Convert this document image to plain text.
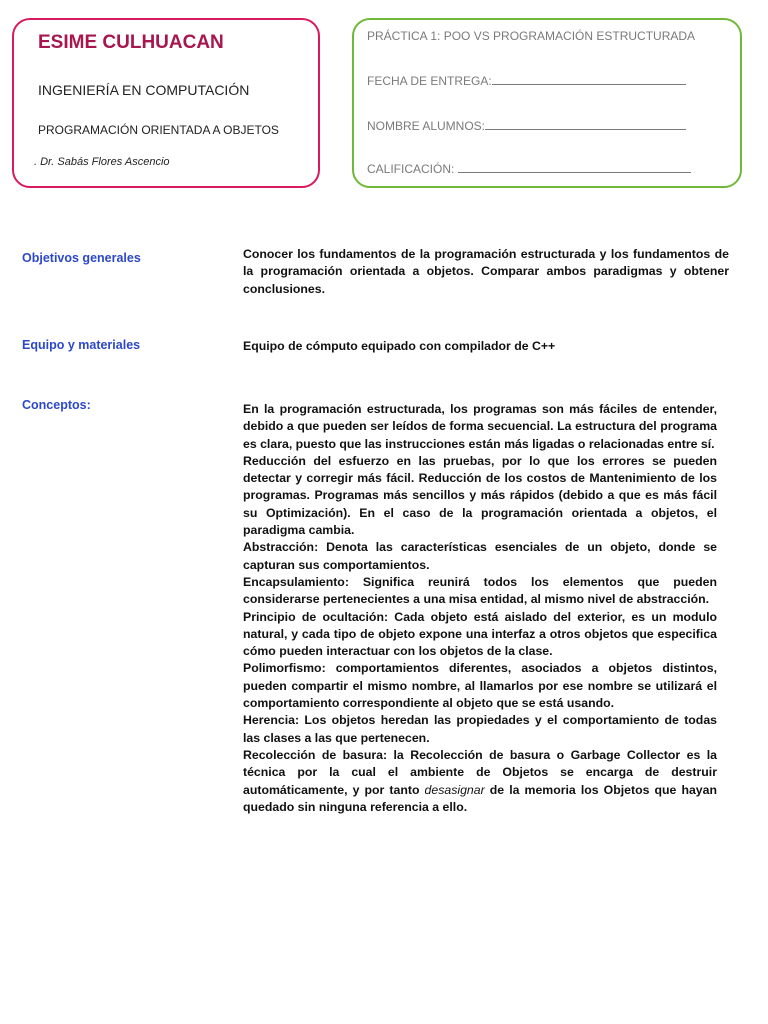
ESIME CULHUACAN
INGENIERÍA EN COMPUTACIÓN
PROGRAMACIÓN ORIENTADA A OBJETOS
. Dr. Sabás Flores Ascencio
PRÁCTICA 1: POO VS PROGRAMACIÓN ESTRUCTURADA
FECHA DE ENTREGA:
NOMBRE ALUMNOS:
CALIFICACIÓN:
Objetivos generales	Conocer los fundamentos de la programación estructurada y los fundamentos de la programación orientada a objetos. Comparar ambos paradigmas y obtener conclusiones.

Equipo y materiales	Equipo de cómputo equipado con compilador de C++

Conceptos:	En la programación estructurada, los programas son más fáciles de entender, debido a que pueden ser leídos de forma secuencial. La estructura del programa es clara, puesto que las instrucciones están más ligadas o relacionadas entre sí.

Reducción del esfuerzo en las pruebas, por lo que los errores se pueden detectar y corregir más fácil. Reducción de los costos de Mantenimiento de los programas. Programas más sencillos y más rápidos (debido a que es más fácil su Optimización). En el caso de la programación orientada a objetos, el paradigma cambia.

Abstracción: Denota las características esenciales de un objeto, donde se capturan sus comportamientos.

Encapsulamiento: Significa reunirá todos los elementos que pueden considerarse pertenecientes a una misa entidad, al mismo nivel de abstracción.

Principio de ocultación: Cada objeto está aislado del exterior, es un modulo natural, y cada tipo de objeto expone una interfaz a otros objetos que especifica cómo pueden interactuar con los objetos de la clase.

Polimorfismo: comportamientos diferentes, asociados a objetos distintos, pueden compartir el mismo nombre, al llamarlos por ese nombre se utilizará el comportamiento correspondiente al objeto que se está usando.

Herencia: Los objetos heredan las propiedades y el comportamiento de todas las clases a las que pertenecen.

Recolección de basura: la Recolección de basura o Garbage Collector es la técnica por la cual el ambiente de Objetos se encarga de destruir automáticamente, y por tanto desasignar de la memoria los Objetos que hayan quedado sin ninguna referencia a ello.
